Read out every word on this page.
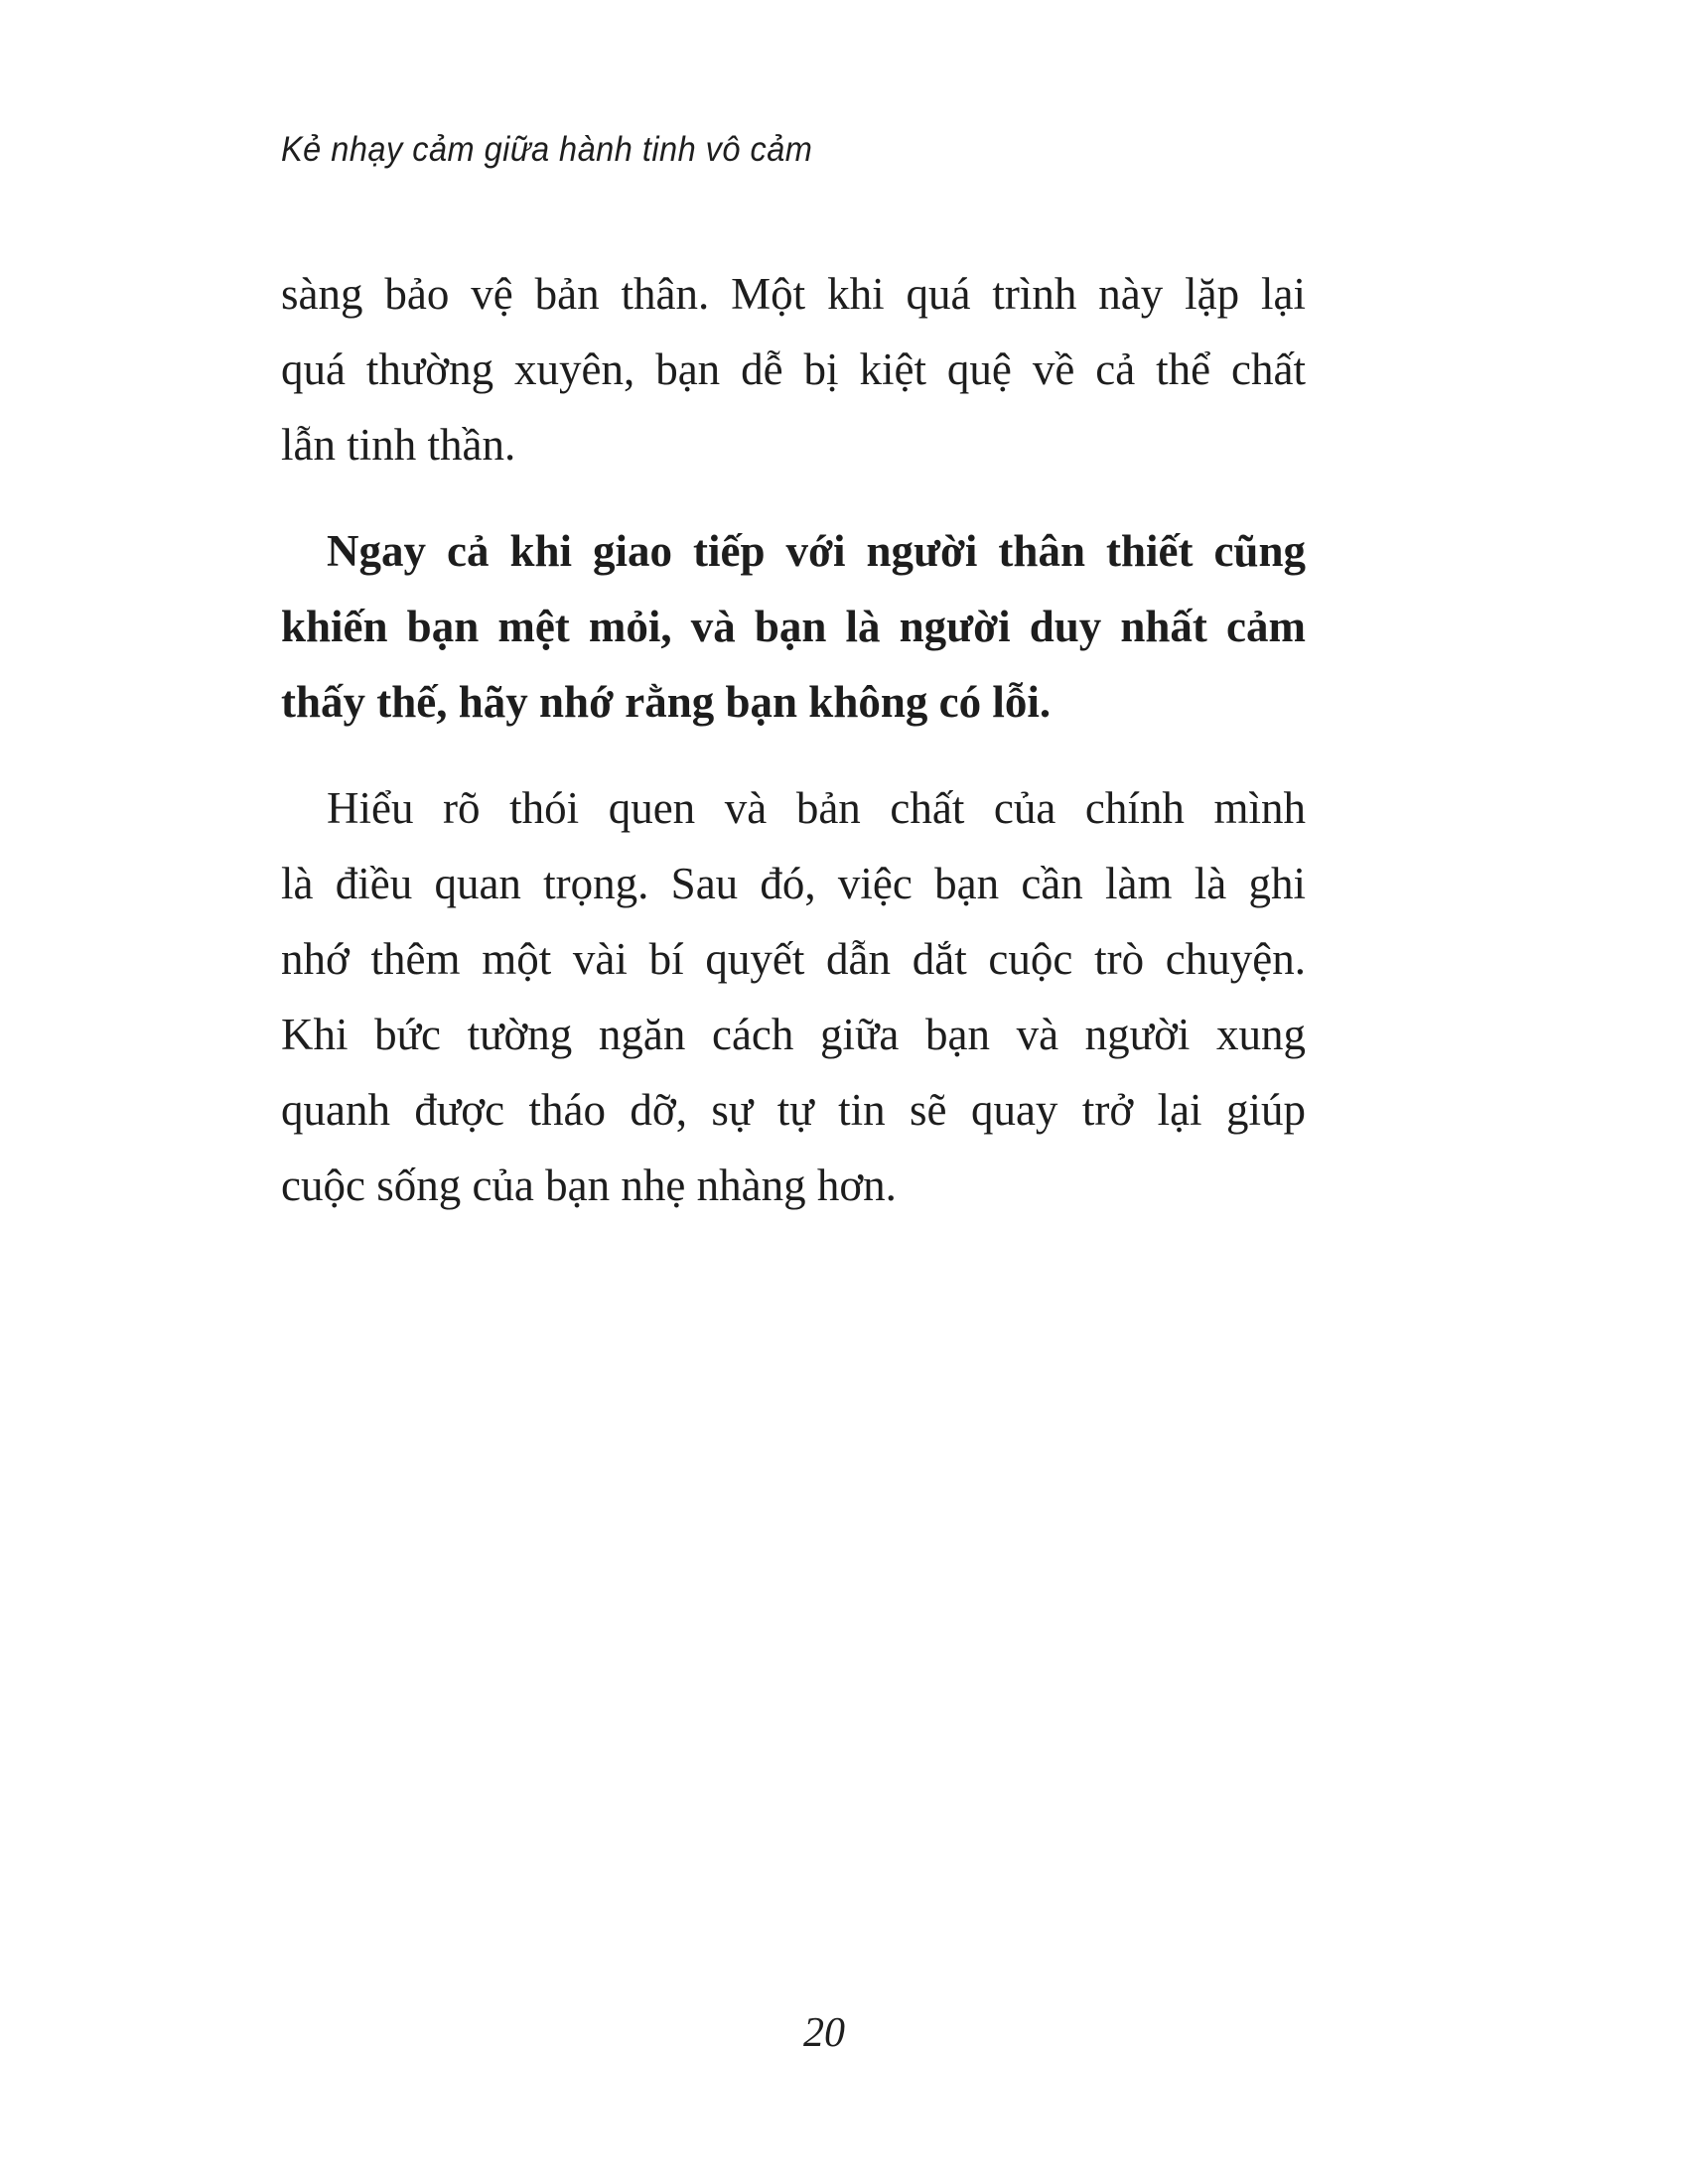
Kẻ nhạy cảm giữa hành tinh vô cảm
sàng bảo vệ bản thân. Một khi quá trình này lặp lại
quá thường xuyên, bạn dễ bị kiệt quệ về cả thể chất
lẫn tinh thần.
Ngay cả khi giao tiếp với người thân thiết cũng
khiến bạn mệt mỏi, và bạn là người duy nhất cảm
thấy thế, hãy nhớ rằng bạn không có lỗi.
Hiểu rõ thói quen và bản chất của chính mình
là điều quan trọng. Sau đó, việc bạn cần làm là ghi
nhớ thêm một vài bí quyết dẫn dắt cuộc trò chuyện.
Khi bức tường ngăn cách giữa bạn và người xung
quanh được tháo dỡ, sự tự tin sẽ quay trở lại giúp
cuộc sống của bạn nhẹ nhàng hơn.
20
